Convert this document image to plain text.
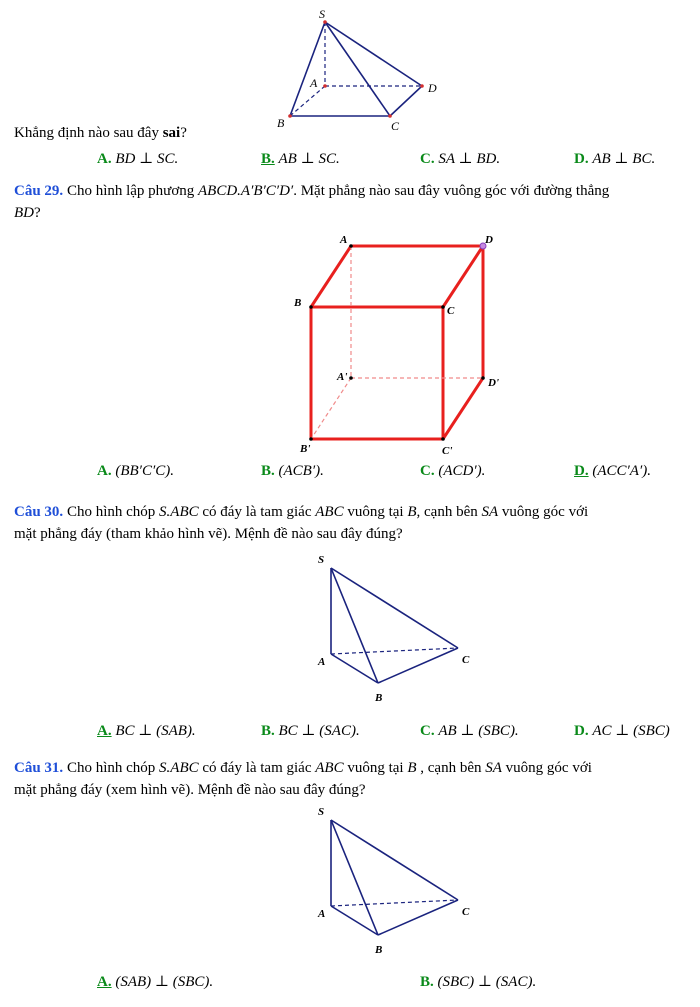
S
A
B	C
D
Khẳng định nào sau đây sai?
A. BD ⊥ SC.	B. AB ⊥ SC.	C. SA ⊥ BD.	D. AB ⊥ BC.
Câu 29. Cho hình lập phương ABCD.A′B′C′D′. Mặt phẳng nào sau đây vuông góc với đường thẳng
BD?
A	D
B
C
A'	D'
B'	C'
A. (BB′C′C).	B. (ACB′).	C. (ACD′).	D. (ACC′A′).
Câu 30. Cho hình chóp S.ABC có đáy là tam giác ABC vuông tại B, cạnh bên SA vuông góc với
mặt phẳng đáy (tham khảo hình vẽ). Mệnh đề nào sau đây đúng?
S
A
B
C
A. BC ⊥ (SAB).	B. BC ⊥ (SAC).	C. AB ⊥ (SBC).	D. AC ⊥ (SBC)
Câu 31. Cho hình chóp S.ABC có đáy là tam giác ABC vuông tại B , cạnh bên SA vuông góc với
mặt phẳng đáy (xem hình vẽ). Mệnh đề nào sau đây đúng?
S
A
B
C
A. (SAB) ⊥ (SBC).	B. (SBC) ⊥ (SAC).
